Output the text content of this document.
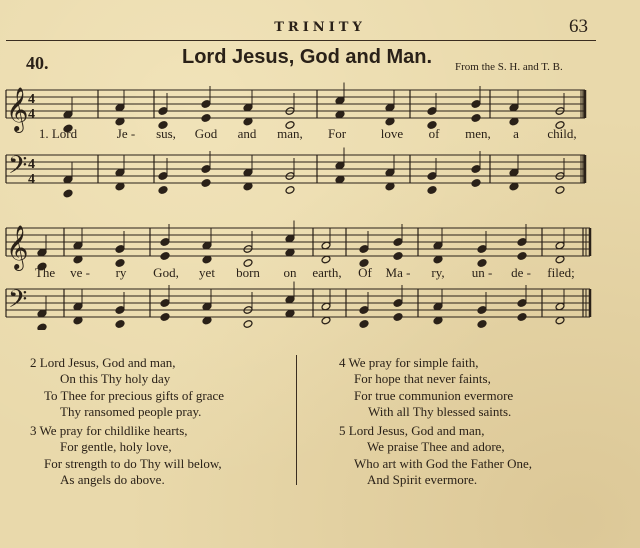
TRINITY	63
40.	Lord Jesus, God and Man. From the S. H. and T. B.
𝄞 4
4
𝄢 4
4
𝄞
𝄢
1. Lord	Je - sus, God and man, For	love of men, a child,
The ve - ry God, yet born on earth, Of Ma - ry, un - de - filed;
2 Lord Jesus, God and man,
On this Thy holy day
To Thee for precious gifts of grace
Thy ransomed people pray.
3 We pray for childlike hearts,
For gentle, holy love,
For strength to do Thy will below,
As angels do above.
4 We pray for simple faith,
For hope that never faints,
For true communion evermore
With all Thy blessed saints.
5 Lord Jesus, God and man,
We praise Thee and adore,
Who art with God the Father One,
And Spirit evermore.
